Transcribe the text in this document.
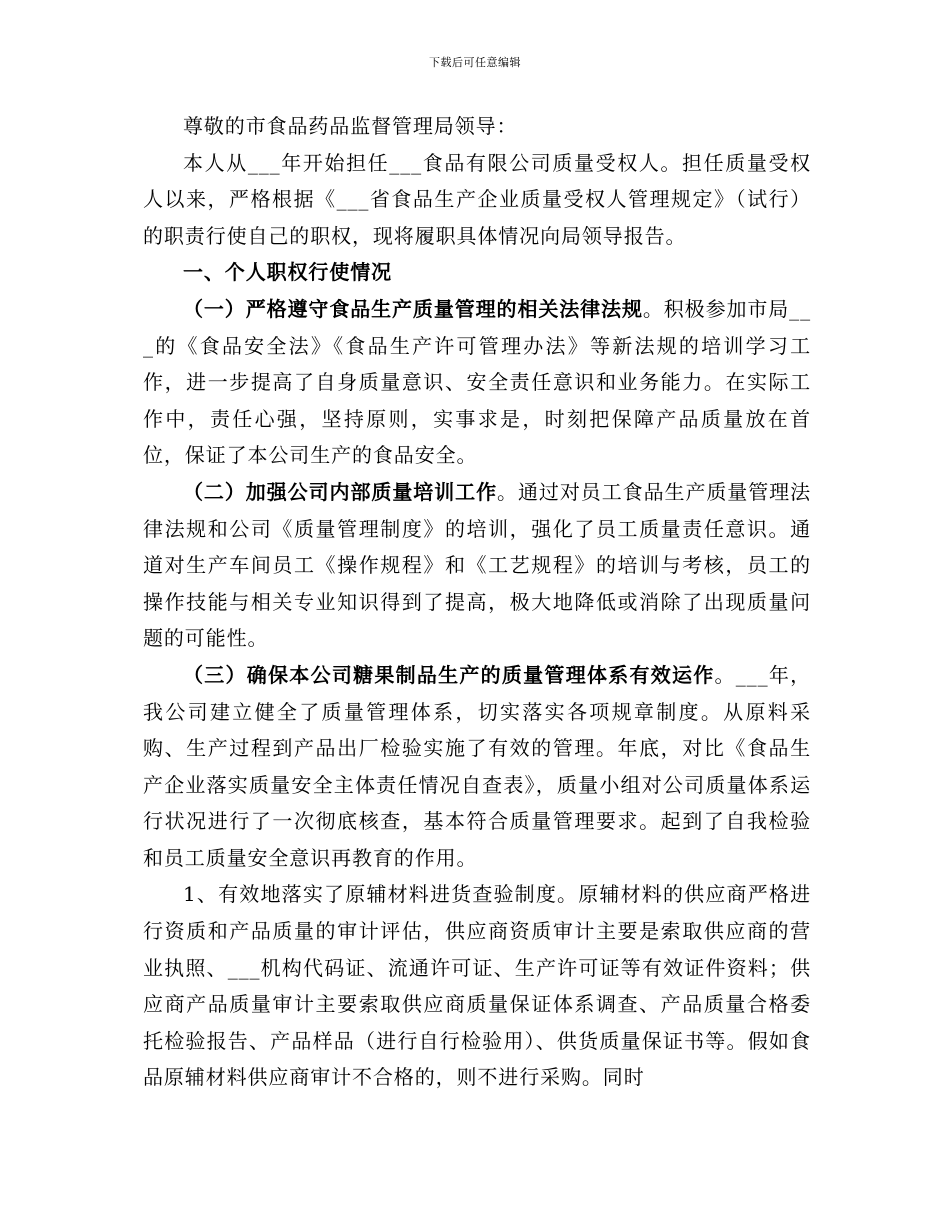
下载后可任意编辑

尊敬的市食品药品监督管理局领导：

本人从___年开始担任___食品有限公司质量受权人。担任质量受权人以来，严格根据《___省食品生产企业质量受权人管理规定》（试行）的职责行使自己的职权，现将履职具体情况向局领导报告。

一、个人职权行使情况

（一）严格遵守食品生产质量管理的相关法律法规。积极参加市局___的《食品安全法》《食品生产许可管理办法》等新法规的培训学习工作，进一步提高了自身质量意识、安全责任意识和业务能力。在实际工作中，责任心强，坚持原则，实事求是，时刻把保障产品质量放在首位，保证了本公司生产的食品安全。

（二）加强公司内部质量培训工作。通过对员工食品生产质量管理法律法规和公司《质量管理制度》的培训，强化了员工质量责任意识。通道对生产车间员工《操作规程》和《工艺规程》的培训与考核，员工的操作技能与相关专业知识得到了提高，极大地降低或消除了出现质量问题的可能性。

（三）确保本公司糖果制品生产的质量管理体系有效运作。___年，我公司建立健全了质量管理体系，切实落实各项规章制度。从原料采购、生产过程到产品出厂检验实施了有效的管理。年底，对比《食品生产企业落实质量安全主体责任情况自查表》，质量小组对公司质量体系运行状况进行了一次彻底核查，基本符合质量管理要求。起到了自我检验和员工质量安全意识再教育的作用。

1、有效地落实了原辅材料进货查验制度。原辅材料的供应商严格进行资质和产品质量的审计评估，供应商资质审计主要是索取供应商的营业执照、___机构代码证、流通许可证、生产许可证等有效证件资料；供应商产品质量审计主要索取供应商质量保证体系调查、产品质量合格委托检验报告、产品样品（进行自行检验用）、供货质量保证书等。假如食品原辅材料供应商审计不合格的，则不进行采购。同时
